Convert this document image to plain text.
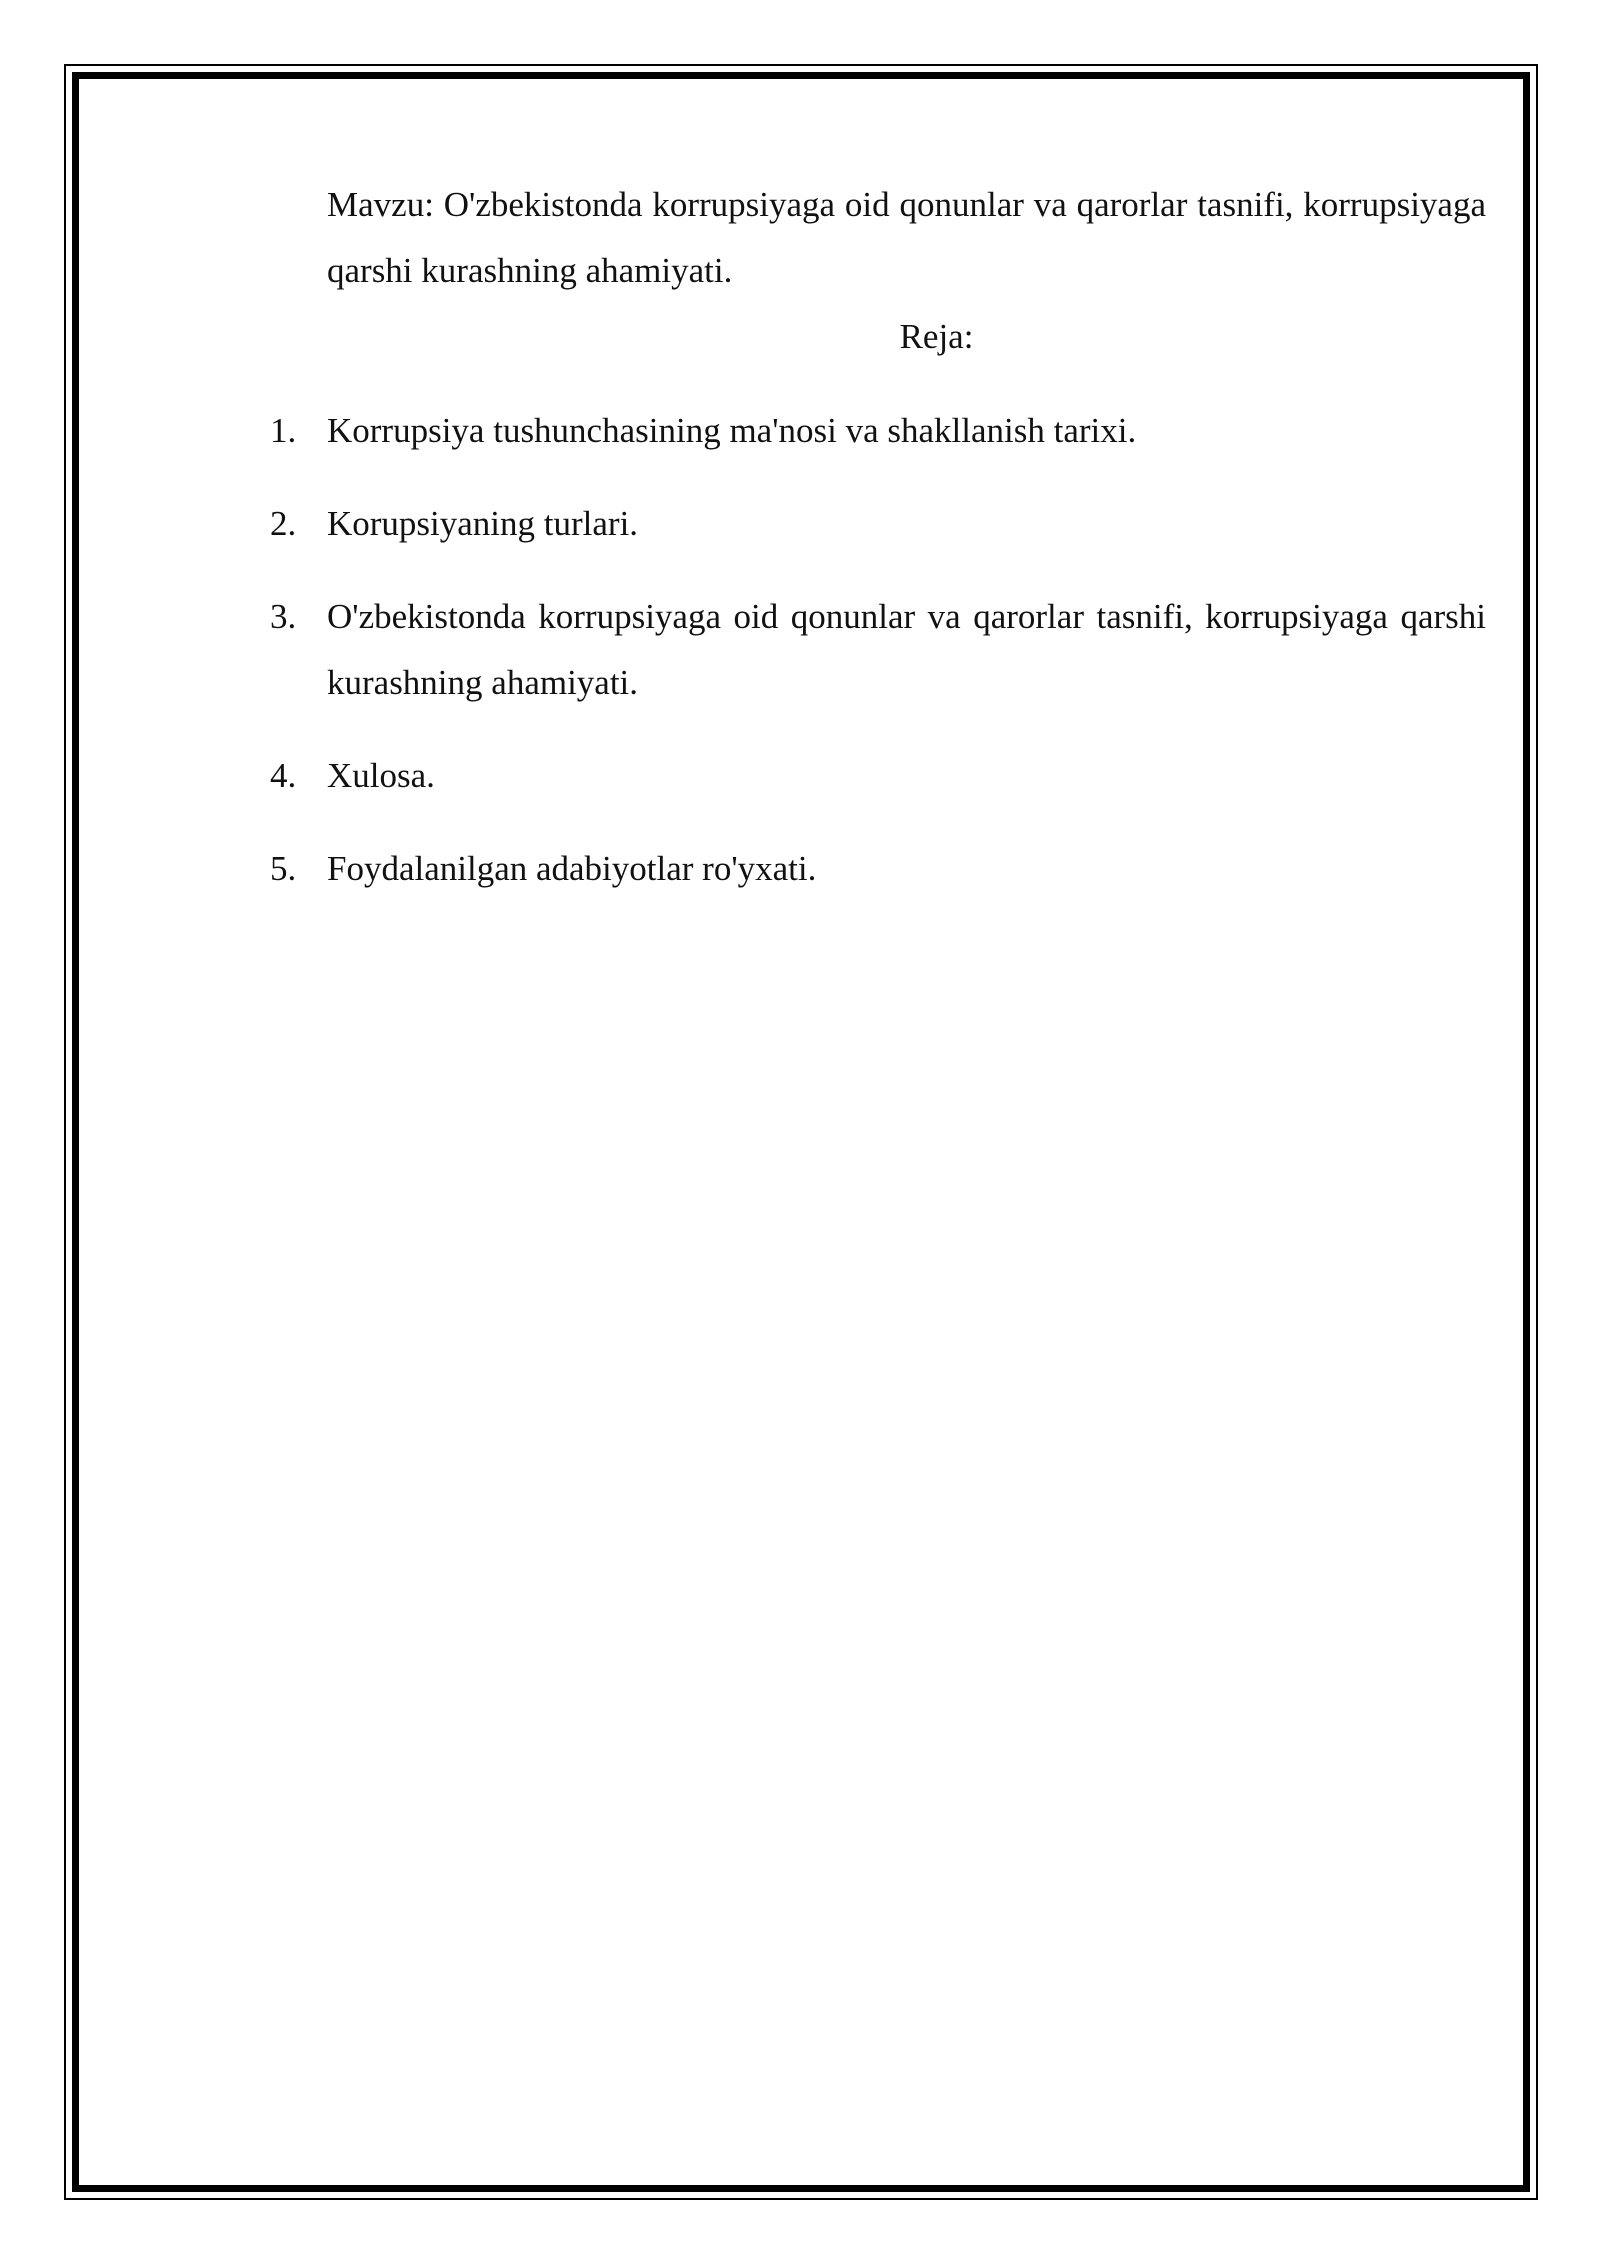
Mavzu: O'zbekistonda korrupsiyaga oid qonunlar va qarorlar tasnifi, korrupsiyaga qarshi kurashning ahamiyati.

Reja:

1. Korrupsiya tushunchasining ma'nosi va shakllanish tarixi.
2. Korupsiyaning turlari.
3. O'zbekistonda korrupsiyaga oid qonunlar va qarorlar tasnifi, korrupsiyaga qarshi kurashning ahamiyati.
4. Xulosa.
5. Foydalanilgan adabiyotlar ro'yxati.
